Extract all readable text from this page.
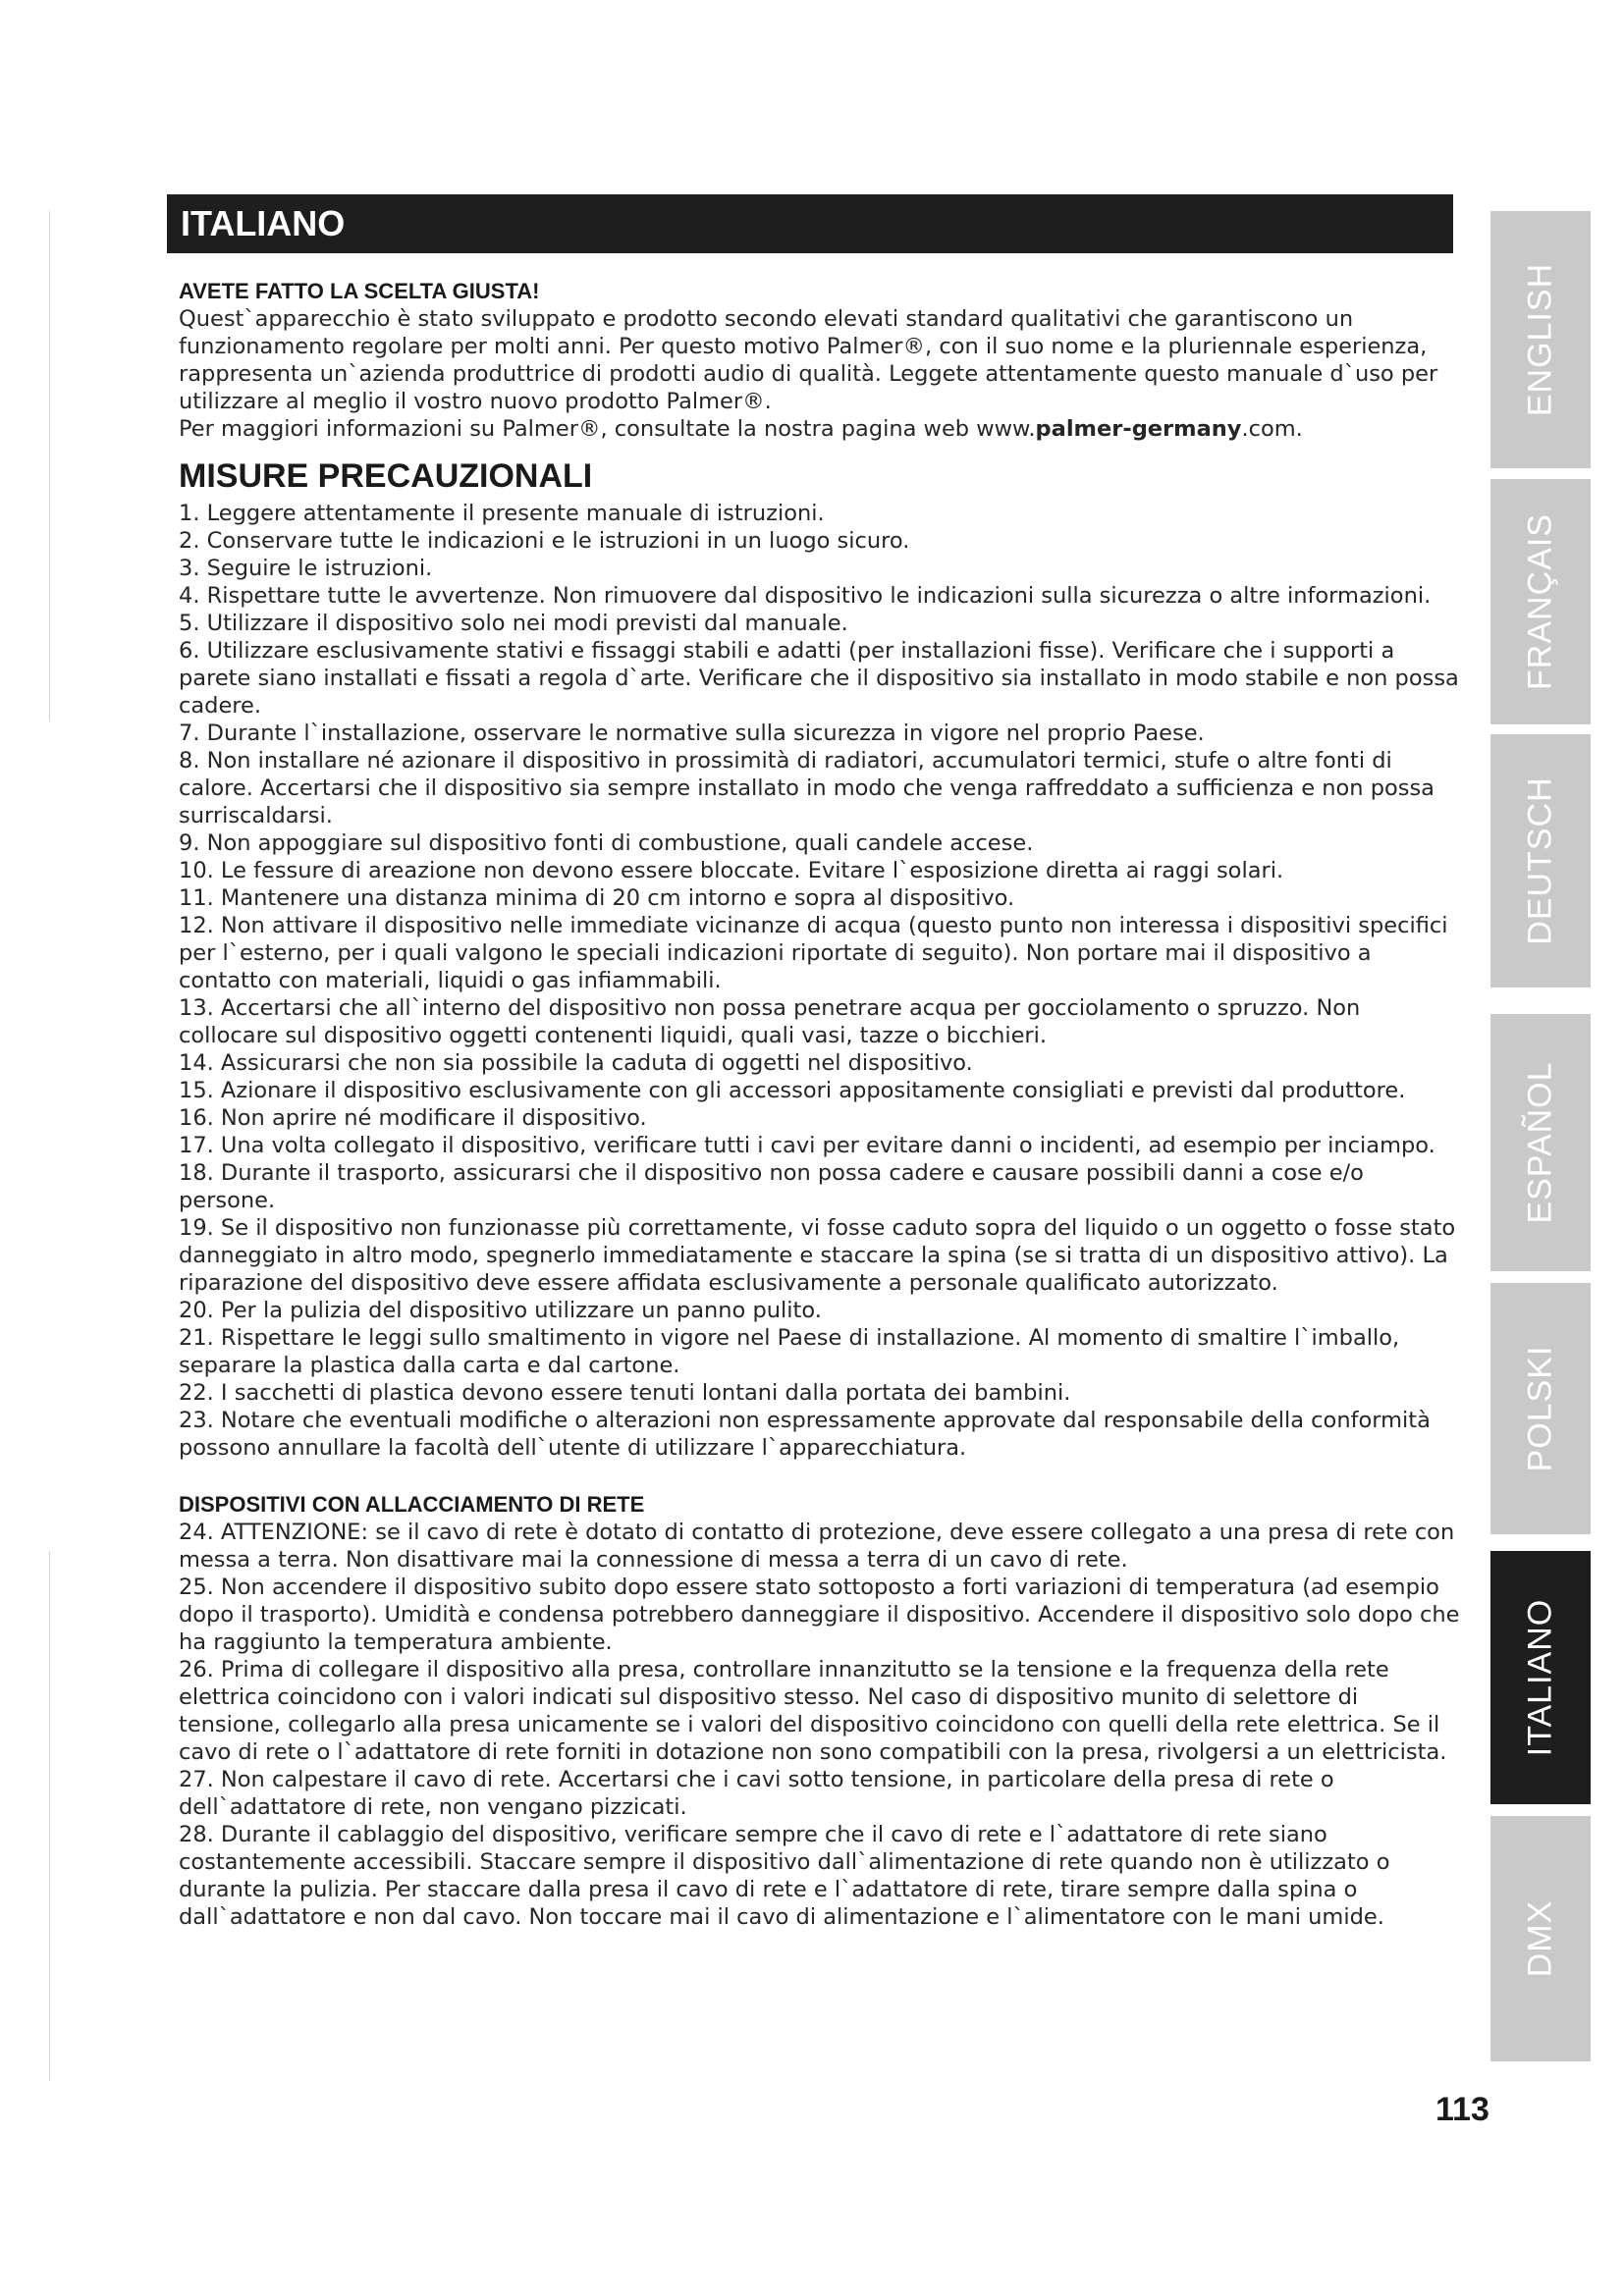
ITALIANO

AVETE FATTO LA SCELTA GIUSTA!

Quest`apparecchio è stato sviluppato e prodotto secondo elevati standard qualitativi che garantiscono un funzionamento regolare per molti anni. Per questo motivo Palmer®, con il suo nome e la pluriennale esperienza, rappresenta un`azienda produttrice di prodotti audio di qualità. Leggete attentamente questo manuale d`uso per utilizzare al meglio il vostro nuovo prodotto Palmer®.

Per maggiori informazioni su Palmer®, consultate la nostra pagina web www.palmer-germany.com.

MISURE PRECAUZIONALI
1. Leggere attentamente il presente manuale di istruzioni.
2. Conservare tutte le indicazioni e le istruzioni in un luogo sicuro.
3. Seguire le istruzioni.
4. Rispettare tutte le avvertenze. Non rimuovere dal dispositivo le indicazioni sulla sicurezza o altre informazioni.
5. Utilizzare il dispositivo solo nei modi previsti dal manuale.
6. Utilizzare esclusivamente stativi e fissaggi stabili e adatti (per installazioni fisse). Verificare che i supporti a parete siano installati e fissati a regola d`arte. Verificare che il dispositivo sia installato in modo stabile e non possa cadere.
7. Durante l`installazione, osservare le normative sulla sicurezza in vigore nel proprio Paese.
8. Non installare né azionare il dispositivo in prossimità di radiatori, accumulatori termici, stufe o altre fonti di calore. Accertarsi che il dispositivo sia sempre installato in modo che venga raffreddato a sufficienza e non possa surriscaldarsi.
9. Non appoggiare sul dispositivo fonti di combustione, quali candele accese.
10. Le fessure di areazione non devono essere bloccate. Evitare l`esposizione diretta ai raggi solari.
11. Mantenere una distanza minima di 20 cm intorno e sopra al dispositivo.
12. Non attivare il dispositivo nelle immediate vicinanze di acqua (questo punto non interessa i dispositivi specifici per l`esterno, per i quali valgono le speciali indicazioni riportate di seguito). Non portare mai il dispositivo a contatto con materiali, liquidi o gas infiammabili.
13. Accertarsi che all`interno del dispositivo non possa penetrare acqua per gocciolamento o spruzzo. Non collocare sul dispositivo oggetti contenenti liquidi, quali vasi, tazze o bicchieri.
14. Assicurarsi che non sia possibile la caduta di oggetti nel dispositivo.
15. Azionare il dispositivo esclusivamente con gli accessori appositamente consigliati e previsti dal produttore.
16. Non aprire né modificare il dispositivo.
17. Una volta collegato il dispositivo, verificare tutti i cavi per evitare danni o incidenti, ad esempio per inciampo.
18. Durante il trasporto, assicurarsi che il dispositivo non possa cadere e causare possibili danni a cose e/o persone.
19. Se il dispositivo non funzionasse più correttamente, vi fosse caduto sopra del liquido o un oggetto o fosse stato danneggiato in altro modo, spegnerlo immediatamente e staccare la spina (se si tratta di un dispositivo attivo). La riparazione del dispositivo deve essere affidata esclusivamente a personale qualificato autorizzato.
20. Per la pulizia del dispositivo utilizzare un panno pulito.
21. Rispettare le leggi sullo smaltimento in vigore nel Paese di installazione. Al momento di smaltire l`imballo, separare la plastica dalla carta e dal cartone.
22. I sacchetti di plastica devono essere tenuti lontani dalla portata dei bambini.
23. Notare che eventuali modifiche o alterazioni non espressamente approvate dal responsabile della conformità possono annullare la facoltà dell`utente di utilizzare l`apparecchiatura.

DISPOSITIVI CON ALLACCIAMENTO DI RETE

24. ATTENZIONE: se il cavo di rete è dotato di contatto di protezione, deve essere collegato a una presa di rete con messa a terra. Non disattivare mai la connessione di messa a terra di un cavo di rete.
25. Non accendere il dispositivo subito dopo essere stato sottoposto a forti variazioni di temperatura (ad esempio dopo il trasporto). Umidità e condensa potrebbero danneggiare il dispositivo. Accendere il dispositivo solo dopo che ha raggiunto la temperatura ambiente.
26. Prima di collegare il dispositivo alla presa, controllare innanzitutto se la tensione e la frequenza della rete elettrica coincidono con i valori indicati sul dispositivo stesso. Nel caso di dispositivo munito di selettore di tensione, collegarlo alla presa unicamente se i valori del dispositivo coincidono con quelli della rete elettrica. Se il cavo di rete o l`adattatore di rete forniti in dotazione non sono compatibili con la presa, rivolgersi a un elettricista.
27. Non calpestare il cavo di rete. Accertarsi che i cavi sotto tensione, in particolare della presa di rete o dell`adattatore di rete, non vengano pizzicati.
28. Durante il cablaggio del dispositivo, verificare sempre che il cavo di rete e l`adattatore di rete siano costantemente accessibili. Staccare sempre il dispositivo dall`alimentazione di rete quando non è utilizzato o durante la pulizia. Per staccare dalla presa il cavo di rete e l`adattatore di rete, tirare sempre dalla spina o dall`adattatore e non dal cavo. Non toccare mai il cavo di alimentazione e l`alimentatore con le mani umide.
ENGLISH
FRANÇAIS
DEUTSCH
ESPAÑOL
POLSKI
ITALIANO
DMX
113
